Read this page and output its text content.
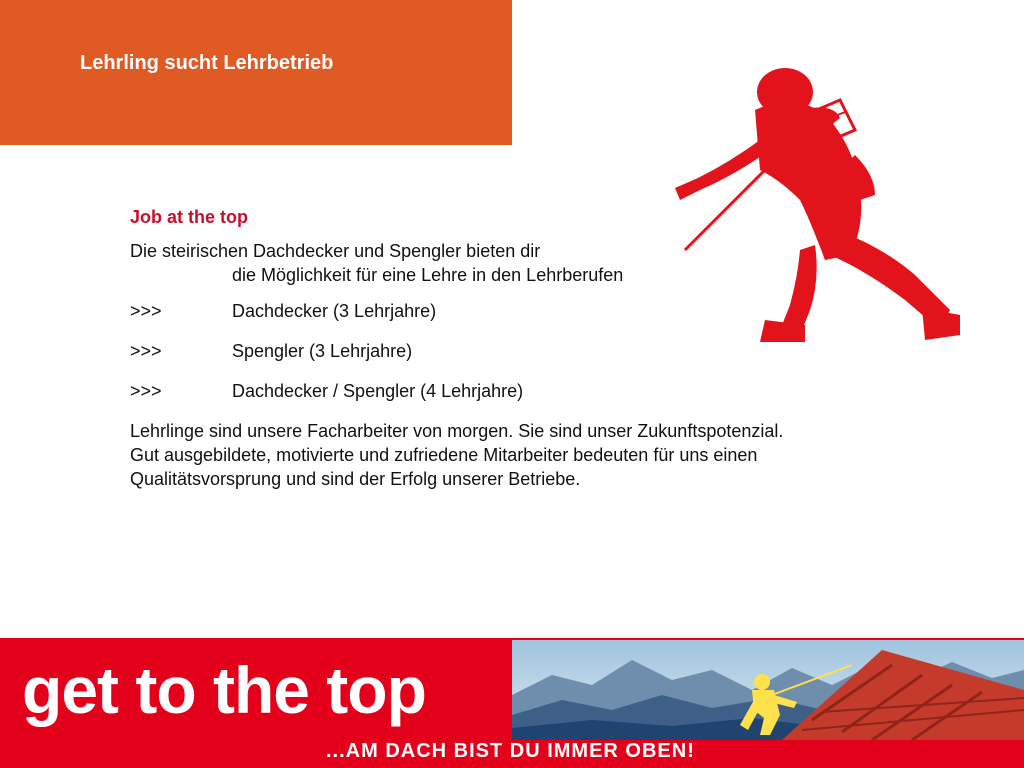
Lehrling sucht Lehrbetrieb
Job at the top
Die steirischen Dachdecker und Spengler bieten dir
die Möglichkeit für eine Lehre in den Lehrberufen
>>>	Dachdecker (3 Lehrjahre)
>>>	Spengler (3 Lehrjahre)
>>>	Dachdecker / Spengler (4 Lehrjahre)
Lehrlinge sind unsere Facharbeiter von morgen. Sie sind unser Zukunftspotenzial.
Gut ausgebildete, motivierte und zufriedene Mitarbeiter bedeuten für uns einen
Qualitätsvorsprung und sind der Erfolg unserer Betriebe.
get to the top
...AM DACH BIST DU IMMER OBEN!
